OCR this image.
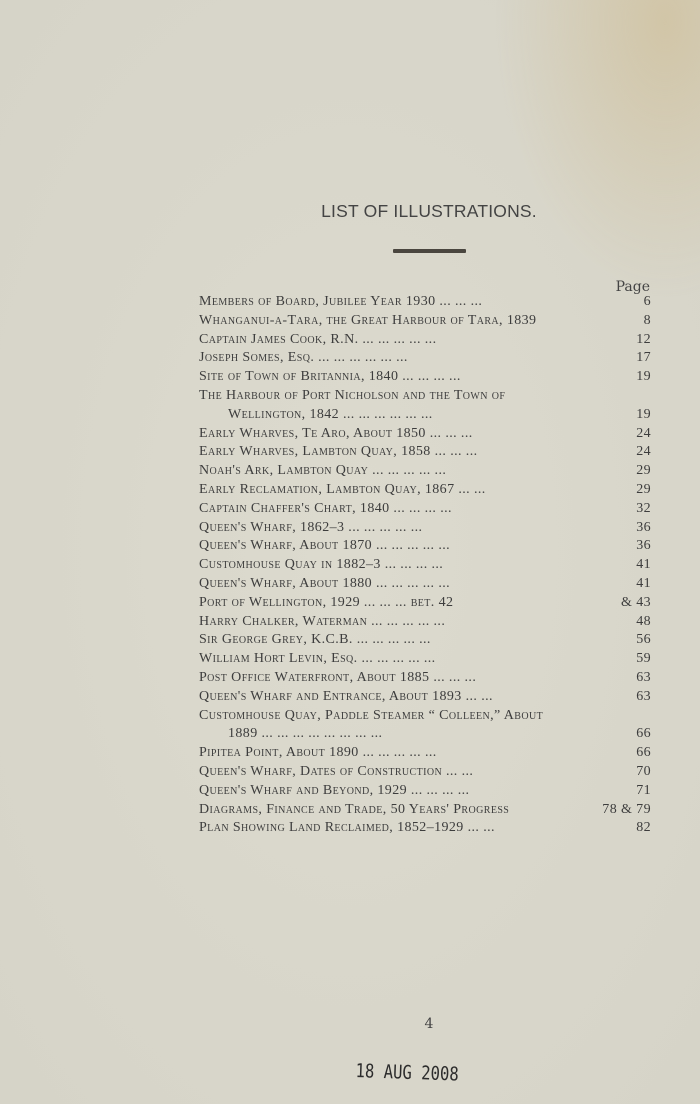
LIST OF ILLUSTRATIONS.
Page
Members of Board, Jubilee Year 1930 ... ... ...	6
Whanganui-a-Tara, the Great Harbour of Tara, 1839	8
Captain James Cook, R.N. ... ... ... ... ...	12
Joseph Somes, Esq. ... ... ... ... ... ...	17
Site of Town of Britannia, 1840 ... ... ... ...	19
The Harbour of Port Nicholson and the Town of
Wellington, 1842 ... ... ... ... ... ...	19
Early Wharves, Te Aro, About 1850 ... ... ...	24
Early Wharves, Lambton Quay, 1858 ... ... ...	24
Noah's Ark, Lambton Quay ... ... ... ... ...	29
Early Reclamation, Lambton Quay, 1867 ... ...	29
Captain Chaffer's Chart, 1840 ... ... ... ...	32
Queen's Wharf, 1862–3 ... ... ... ... ...	36
Queen's Wharf, About 1870 ... ... ... ... ...	36
Customhouse Quay in 1882–3 ... ... ... ...	41
Queen's Wharf, About 1880 ... ... ... ... ...	41
Port of Wellington, 1929 ... ... ... bet. 42	& 43
Harry Chalker, Waterman ... ... ... ... ...	48
Sir George Grey, K.C.B. ... ... ... ... ...	56
William Hort Levin, Esq. ... ... ... ... ...	59
Post Office Waterfront, About 1885 ... ... ...	63
Queen's Wharf and Entrance, About 1893 ... ...	63
Customhouse Quay, Paddle Steamer “ Colleen,” About
1889 ... ... ... ... ... ... ... ...	66
Pipitea Point, About 1890 ... ... ... ... ...	66
Queen's Wharf, Dates of Construction ... ...	70
Queen's Wharf and Beyond, 1929 ... ... ... ...	71
Diagrams, Finance and Trade, 50 Years' Progress	78 & 79
Plan Showing Land Reclaimed, 1852–1929 ... ...	82
4
18 AUG 2008
